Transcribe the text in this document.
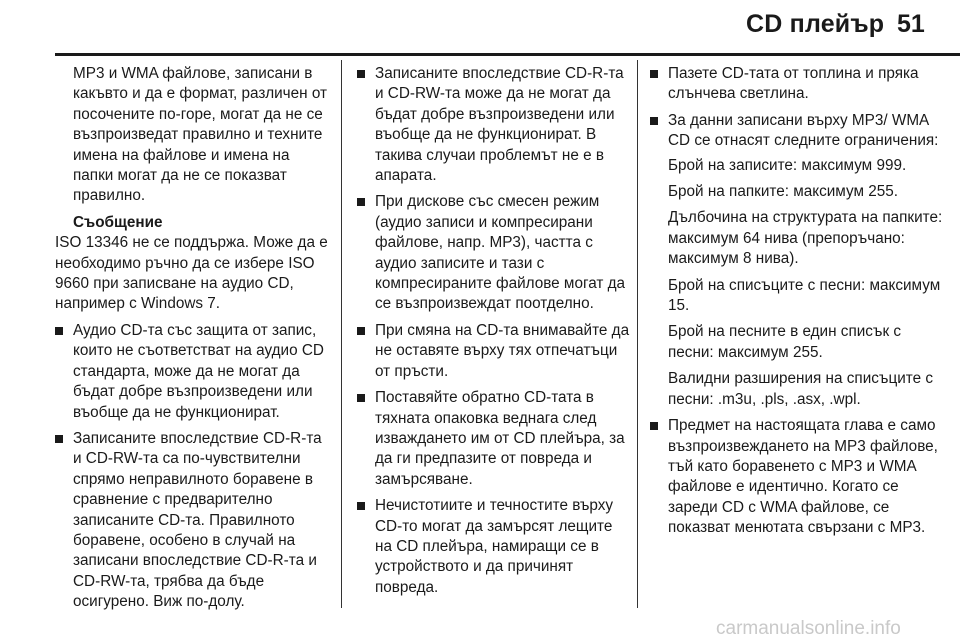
CD плейър 51

MP3 и WMA файлове, записани в какъвто и да е формат, различен от посочените по-горе, могат да не се възпроизведат правилно и техните имена на файлове и имена на папки могат да не се показват правилно.

Съобщение

ISO 13346 не се поддържа. Може да е необходимо ръчно да се избере ISO 9660 при записване на аудио CD, например с Windows 7.

Аудио CD-та със защита от запис, които не съответстват на аудио CD стандарта, може да не могат да бъдат добре възпроизведени или въобще да не функционират.
Записаните впоследствие CD-R-та и CD-RW-та са по-чувствителни спрямо неправилното боравене в сравнение с предварително записаните CD-та. Правилното боравене, особено в случай на записани впоследствие CD-R-та и CD-RW-та, трябва да бъде осигурено. Виж по-долу.
Записаните впоследствие CD-R-та и CD-RW-та може да не могат да бъдат добре възпроизведени или въобще да не функционират. В такива случаи проблемът не е в апарата.
При дискове със смесен режим (аудио записи и компресирани файлове, напр. MP3), частта с аудио записите и тази с компресираните файлове могат да се възпроизвеждат поотделно.
При смяна на CD-та внимавайте да не оставяте върху тях отпечатъци от пръсти.
Поставяйте обратно CD-тата в тяхната опаковка веднага след изваждането им от CD плейъра, за да ги предпазите от повреда и замърсяване.
Нечистотиите и течностите върху CD-то могат да замърсят лещите на CD плейъра, намиращи се в устройството и да причинят повреда.
Пазете CD-тата от топлина и пряка слънчева светлина.
За данни записани върху MP3/ WMA CD се отнасят следните ограничения:

Брой на записите: максимум 999.

Брой на папките: максимум 255.

Дълбочина на структурата на папките: максимум 64 нива (препоръчано: максимум 8 нива).

Брой на списъците с песни: максимум 15.

Брой на песните в един списък с песни: максимум 255.

Валидни разширения на списъците с песни: .m3u, .pls, .asx, .wpl.

Предмет на настоящата глава е само възпроизвеждането на MP3 файлове, тъй като боравенето с MP3 и WMA файлове е идентично. Когато се зареди CD с WMA файлове, се показват менютата свързани с MP3.
carmanualsonline.info
